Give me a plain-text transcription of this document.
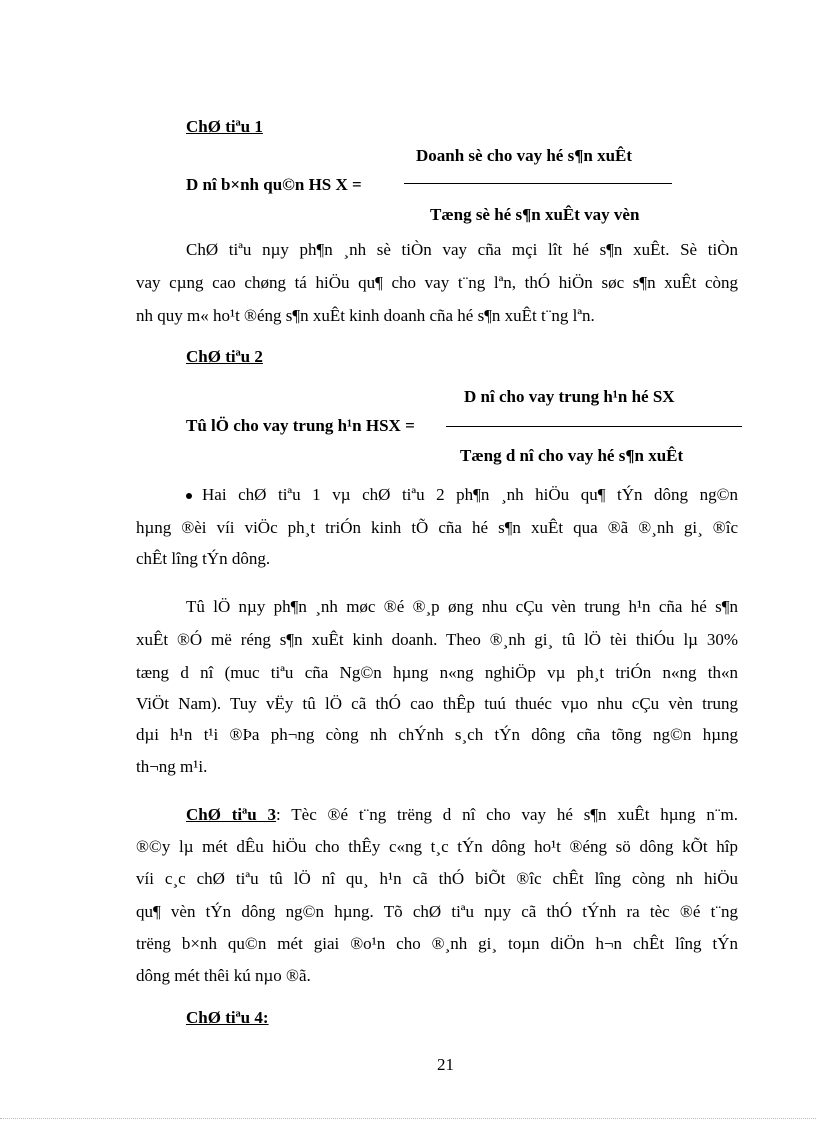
ChØ tiªu 1
Doanh sè cho vay hé s¶n xuÊt
D nî b×nh qu©n HS X =
Tæng sè hé s¶n xuÊt vay vèn
ChØ tiªu nµy ph¶n ¸nh sè tiÒn vay cña mçi lît hé s¶n xuÊt. Sè tiÒn
vay cµng cao chøng tá hiÖu qu¶ cho vay t¨ng lªn, thÓ hiÖn søc s¶n xuÊt còng
nh quy m« ho¹t ®éng s¶n xuÊt kinh doanh cña hé s¶n xuÊt t¨ng lªn.
ChØ tiªu 2
D nî cho vay trung h¹n hé SX
Tû lÖ cho vay trung h¹n HSX =
Tæng d nî cho vay hé s¶n xuÊt
Hai chØ tiªu 1 vµ chØ tiªu 2 ph¶n ¸nh hiÖu qu¶ tÝn dông ng©n
hµng ®èi víi viÖc ph¸t triÓn kinh tÕ cña hé s¶n xuÊt qua ®ã ®¸nh gi¸ ®îc
chÊt lîng tÝn dông.
Tû lÖ nµy ph¶n ¸nh møc ®é ®¸p øng nhu cÇu vèn trung h¹n cña hé s¶n
xuÊt ®Ó më réng s¶n xuÊt kinh doanh. Theo ®¸nh gi¸ tû lÖ tèi thiÓu lµ 30%
tæng d nî (muc tiªu cña Ng©n hµng n«ng nghiÖp vµ ph¸t triÓn n«ng th«n
ViÖt Nam). Tuy vËy tû lÖ cã thÓ cao thÊp tuú thuéc vµo nhu cÇu vèn trung
dµi h¹n t¹i ®Þa ph¬ng còng nh chÝnh s¸ch tÝn dông cña tõng ng©n hµng
th¬ng m¹i.
ChØ tiªu 3: Tèc ®é t¨ng trëng d nî cho vay hé s¶n xuÊt hµng n¨m.
®©y lµ mét dÊu hiÖu cho thÊy c«ng t¸c tÝn dông ho¹t ®éng sö dông kÕt hîp
víi c¸c chØ tiªu tû lÖ nî qu¸ h¹n cã thÓ biÕt ®îc chÊt lîng còng nh hiÖu
qu¶ vèn tÝn dông ng©n hµng. Tõ chØ tiªu nµy cã thÓ tÝnh ra tèc ®é t¨ng
trëng b×nh qu©n mét giai ®o¹n cho ®¸nh gi¸ toµn diÖn h¬n chÊt lîng tÝn
dông mét thêi kú nµo ®ã.
ChØ tiªu 4:
21
